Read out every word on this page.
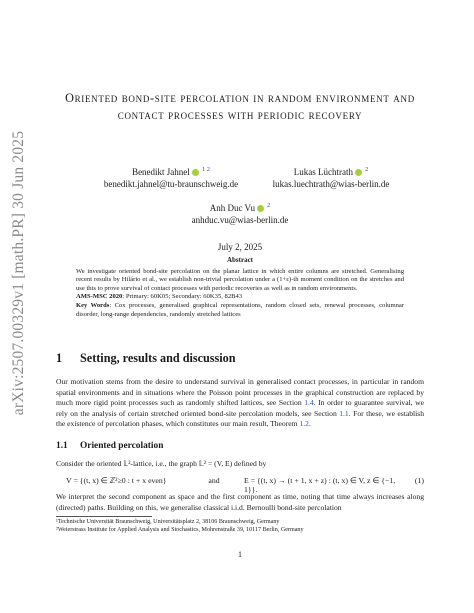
arXiv:2507.00329v1 [math.PR] 30 Jun 2025
Oriented bond-site percolation in random environment and contact processes with periodic recovery
Benedikt Jahnel $^{1 2}$
benedikt.jahnel@tu-braunschweig.de
Lukas Lüchtrath $^2$
lukas.luechtrath@wias-berlin.de
Anh Duc Vu $^2$
anhduc.vu@wias-berlin.de
July 2, 2025
Abstract

We investigate oriented bond-site percolation on the planar lattice in which entire columns are stretched. Generalising recent results by Hilário et al., we establish non-trivial percolation under a (1+ε)-th moment condition on the stretches and use this to prove survival of contact processes with periodic recoveries as well as in random environments.

AMS-MSC 2020: Primary: 60K05; Secondary: 60K35, 82B43

Key Words: Cox processes, generalised graphical representations, random closed sets, renewal processes, columnar disorder, long-range dependencies, randomly stretched lattices

1 Setting, results and discussion
Our motivation stems from the desire to understand survival in generalised contact processes, in particular in random spatial environments and in situations where the Poisson point processes in the graphical construction are replaced by much more rigid point processes such as randomly shifted lattices, see Section 1.4. In order to guarantee survival, we rely on the analysis of certain stretched oriented bond-site percolation models, see Section 1.1. For these, we establish the existence of percolation phases, which constitutes our main result, Theorem 1.2.
1.1 Oriented percolation
Consider the oriented 𝕃²-lattice, i.e., the graph 𝕃² = (V, E) defined by
V = {(t, x) ∈ ℤ²≥0 : t + x even}	and	E = {(t, x) → (t + 1, x + z) : (t, x) ∈ V, z ∈ {−1, 1}}.
(1)
We interpret the second component as space and the first component as time, noting that time always increases along (directed) paths. Building on this, we generalise classical i.i.d. Bernoulli bond-site percolation
¹Technische Universität Braunschweig, Universitätsplatz 2, 38106 Braunschweig, Germany
²Weierstrass Institute for Applied Analysis and Stochastics, Mohrenstraße 39, 10117 Berlin, Germany
1
